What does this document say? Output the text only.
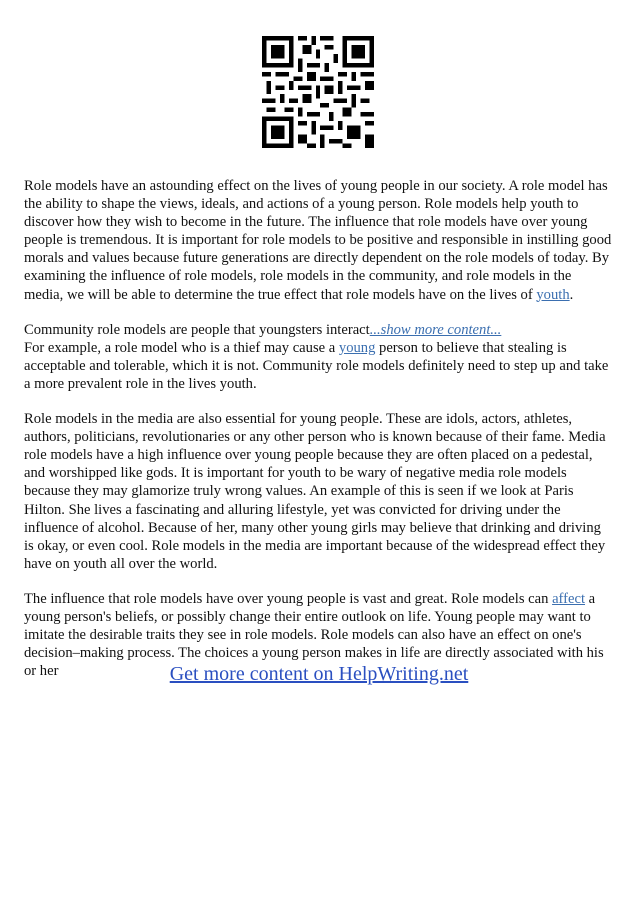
Role models have an astounding effect on the lives of young people in our society. A role model has the ability to shape the views, ideals, and actions of a young person. Role models help youth to discover how they wish to become in the future. The influence that role models have over young people is tremendous. It is important for role models to be positive and responsible in instilling good morals and values because future generations are directly dependent on the role models of today. By examining the influence of role models, role models in the community, and role models in the media, we will be able to determine the true effect that role models have on the lives of youth.

Community role models are people that youngsters interact...show more content...

For example, a role model who is a thief may cause a young person to believe that stealing is acceptable and tolerable, which it is not. Community role models definitely need to step up and take a more prevalent role in the lives youth.

Role models in the media are also essential for young people. These are idols, actors, athletes, authors, politicians, revolutionaries or any other person who is known because of their fame. Media role models have a high influence over young people because they are often placed on a pedestal, and worshipped like gods. It is important for youth to be wary of negative media role models because they may glamorize truly wrong values. An example of this is seen if we look at Paris Hilton. She lives a fascinating and alluring lifestyle, yet was convicted for driving under the influence of alcohol. Because of her, many other young girls may believe that drinking and driving is okay, or even cool. Role models in the media are important because of the widespread effect they have on youth all over the world.

The influence that role models have over young people is vast and great. Role models can affect a young person's beliefs, or possibly change their entire outlook on life. Young people may want to imitate the desirable traits they see in role models. Role models can also have an effect on one's decision–making process. The choices a young person makes in life are directly associated with his or her	Get more content on HelpWriting.net
